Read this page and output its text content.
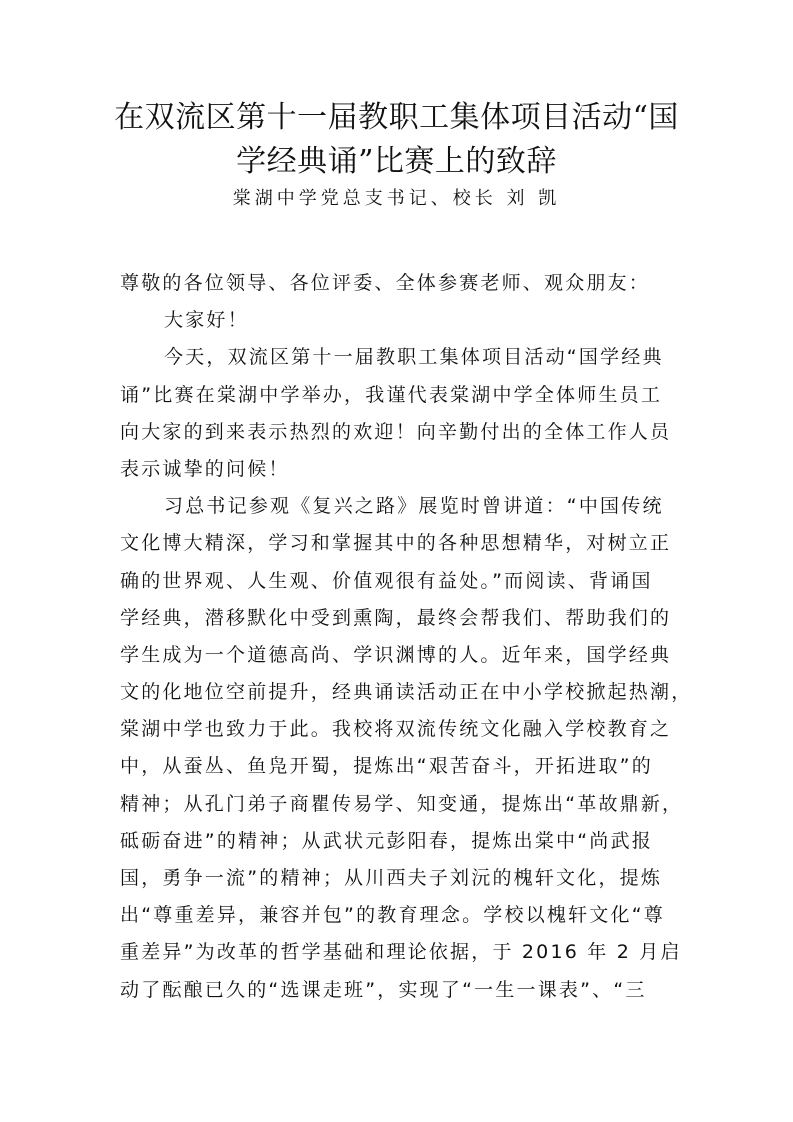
在双流区第十一届教职工集体项目活动“国
学经典诵”比赛上的致辞

棠湖中学党总支书记、校长 刘 凯

尊敬的各位领导、各位评委、全体参赛老师、观众朋友：
大家好！
今天，双流区第十一届教职工集体项目活动“国学经典
诵”比赛在棠湖中学举办，我谨代表棠湖中学全体师生员工
向大家的到来表示热烈的欢迎！向辛勤付出的全体工作人员
表示诚挚的问候！
习总书记参观《复兴之路》展览时曾讲道：“中国传统
文化博大精深，学习和掌握其中的各种思想精华，对树立正
确的世界观、人生观、价值观很有益处。”而阅读、背诵国
学经典，潜移默化中受到熏陶，最终会帮我们、帮助我们的
学生成为一个道德高尚、学识渊博的人。近年来，国学经典
文的化地位空前提升，经典诵读活动正在中小学校掀起热潮，
棠湖中学也致力于此。我校将双流传统文化融入学校教育之
中，从蚕丛、鱼凫开蜀，提炼出“艰苦奋斗，开拓进取”的
精神；从孔门弟子商瞿传易学、知变通，提炼出“革故鼎新，
砥砺奋进”的精神；从武状元彭阳春，提炼出棠中“尚武报
国，勇争一流”的精神；从川西夫子刘沅的槐轩文化，提炼
出“尊重差异，兼容并包”的教育理念。学校以槐轩文化“尊
重差异”为改革的哲学基础和理论依据，于 2016 年 2 月启
动了酝酿已久的“选课走班”，实现了“一生一课表”、“三
